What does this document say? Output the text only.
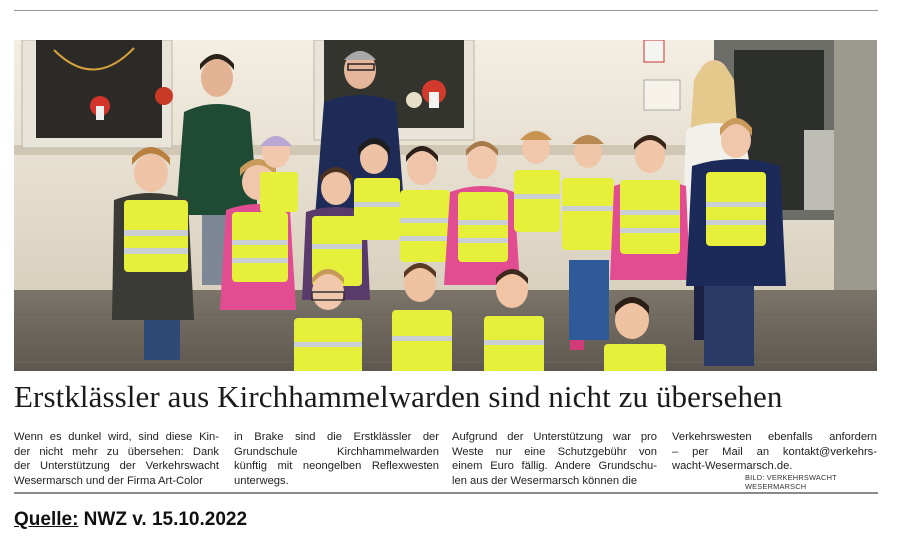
Erstklässler aus Kirchhammelwarden sind nicht zu übersehen

Wenn es dunkel wird, sind diese Kin-
der nicht mehr zu übersehen: Dank
der Unterstützung der Verkehrswacht
Wesermarsch und der Firma Art-Color

in Brake sind die Erstklässler der
Grundschule Kirchhammelwarden
künftig mit neongelben Reflexwesten
unterwegs.

Aufgrund der Unterstützung war pro
Weste nur eine Schutzgebühr von
einem Euro fällig. Andere Grundschu-
len aus der Wesermarsch können die

Verkehrswesten ebenfalls anfordern
– per Mail an kontakt@verkehrs-
wacht-Wesermarsch.de.

BILD: VERKEHRSWACHT WESERMARSCH
Quelle: NWZ v. 15.10.2022
